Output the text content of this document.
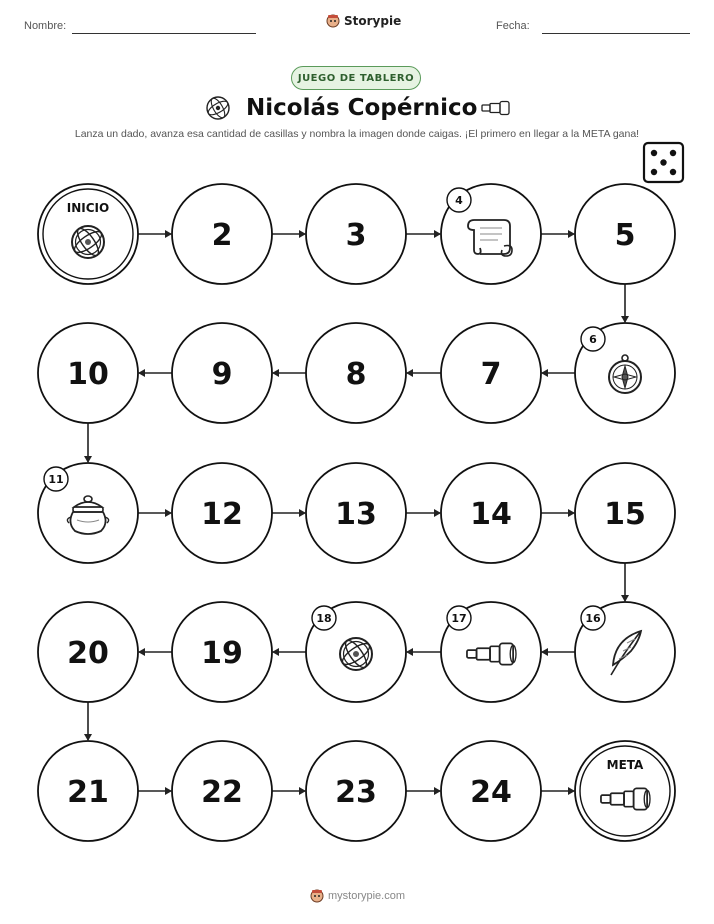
Nombre:	Storypie	Fecha:
JUEGO DE TABLERO
Nicolás Copérnico
Lanza un dado, avanza esa cantidad de casillas y nombra la imagen donde caigas. ¡El primero en llegar a la META gana!
INICIO
2	3
4
5
6
7
8
9
10
11
12	13	14	15
16
17
18
19
20
21	22	23	24
META
mystorypie.com
